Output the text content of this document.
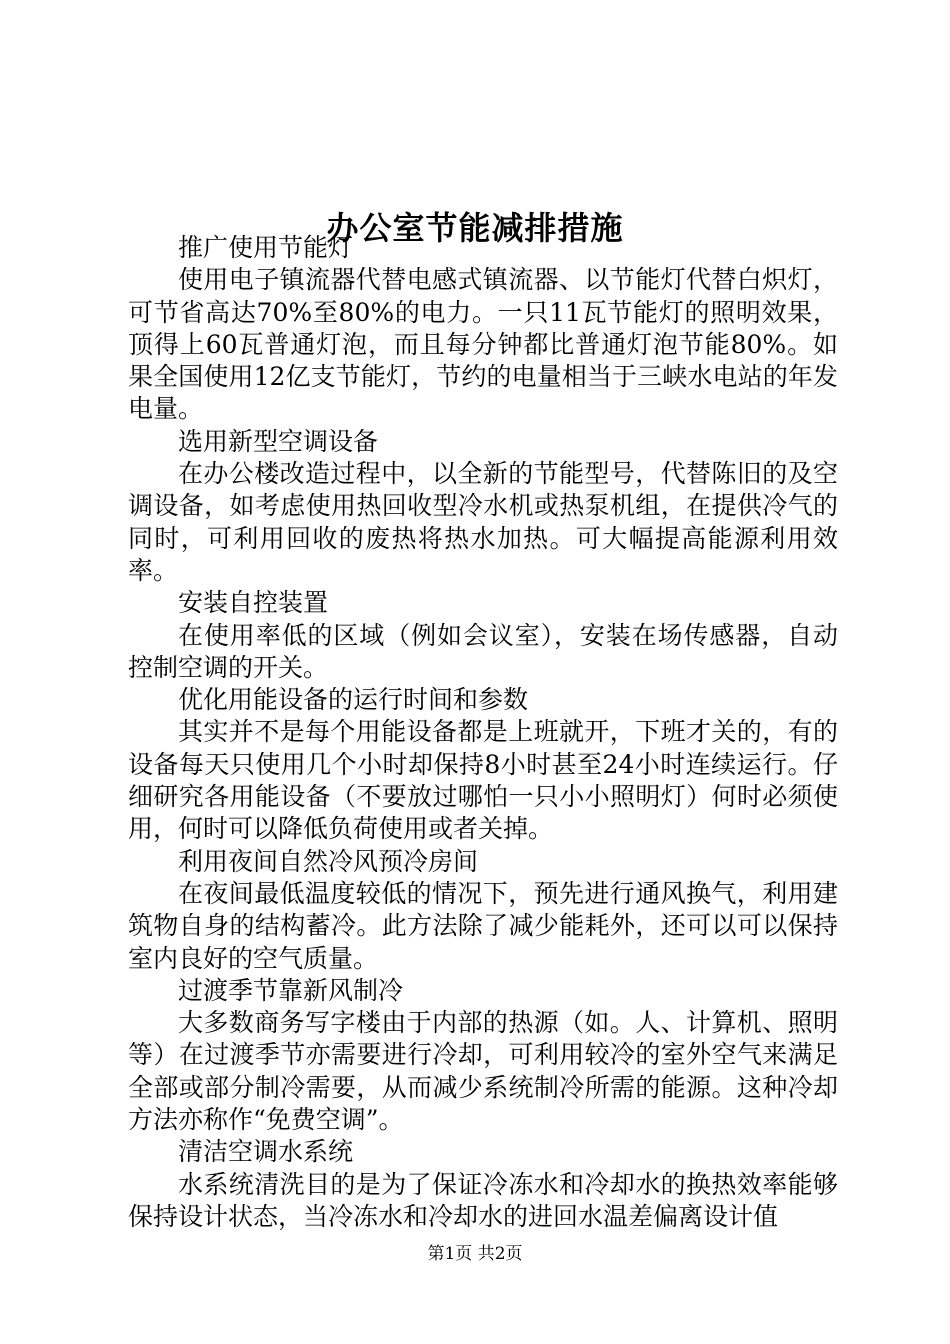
办公室节能减排措施

推广使用节能灯

使用电子镇流器代替电感式镇流器、以节能灯代替白炽灯，可节省高达70%至80%的电力。一只11瓦节能灯的照明效果，顶得上60瓦普通灯泡，而且每分钟都比普通灯泡节能80%。如果全国使用12亿支节能灯，节约的电量相当于三峡水电站的年发电量。

选用新型空调设备

在办公楼改造过程中，以全新的节能型号，代替陈旧的及空调设备，如考虑使用热回收型冷水机或热泵机组，在提供冷气的同时，可利用回收的废热将热水加热。可大幅提高能源利用效率。

安装自控装置

在使用率低的区域（例如会议室），安装在场传感器，自动控制空调的开关。

优化用能设备的运行时间和参数

其实并不是每个用能设备都是上班就开，下班才关的，有的设备每天只使用几个小时却保持8小时甚至24小时连续运行。仔细研究各用能设备（不要放过哪怕一只小小照明灯）何时必须使用，何时可以降低负荷使用或者关掉。

利用夜间自然冷风预冷房间

在夜间最低温度较低的情况下，预先进行通风换气，利用建筑物自身的结构蓄冷。此方法除了减少能耗外，还可以可以保持室内良好的空气质量。

过渡季节靠新风制冷

大多数商务写字楼由于内部的热源（如。人、计算机、照明等）在过渡季节亦需要进行冷却，可利用较冷的室外空气来满足全部或部分制冷需要，从而减少系统制冷所需的能源。这种冷却方法亦称作“免费空调”。

清洁空调水系统

水系统清洗目的是为了保证冷冻水和冷却水的换热效率能够保持设计状态，当冷冻水和冷却水的进回水温差偏离设计值

第1页 共2页
